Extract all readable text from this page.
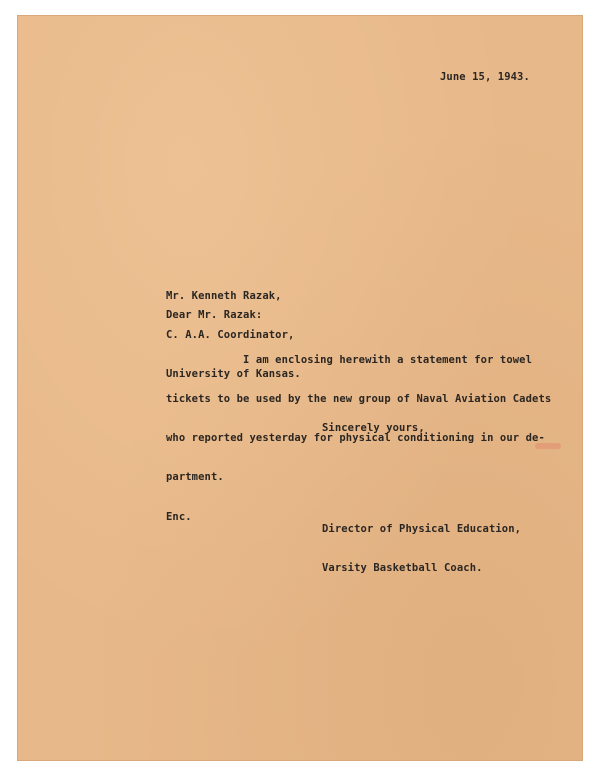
June 15, 1943.

Mr. Kenneth Razak,

C. A.A. Coordinator,

University of Kansas.

Dear Mr. Razak:

I am enclosing herewith a statement for towel

tickets to be used by the new group of Naval Aviation Cadets

who reported yesterday for physical conditioning in our de-

partment.

Sincerely yours,

Director of Physical Education,

Varsity Basketball Coach.

Enc.
